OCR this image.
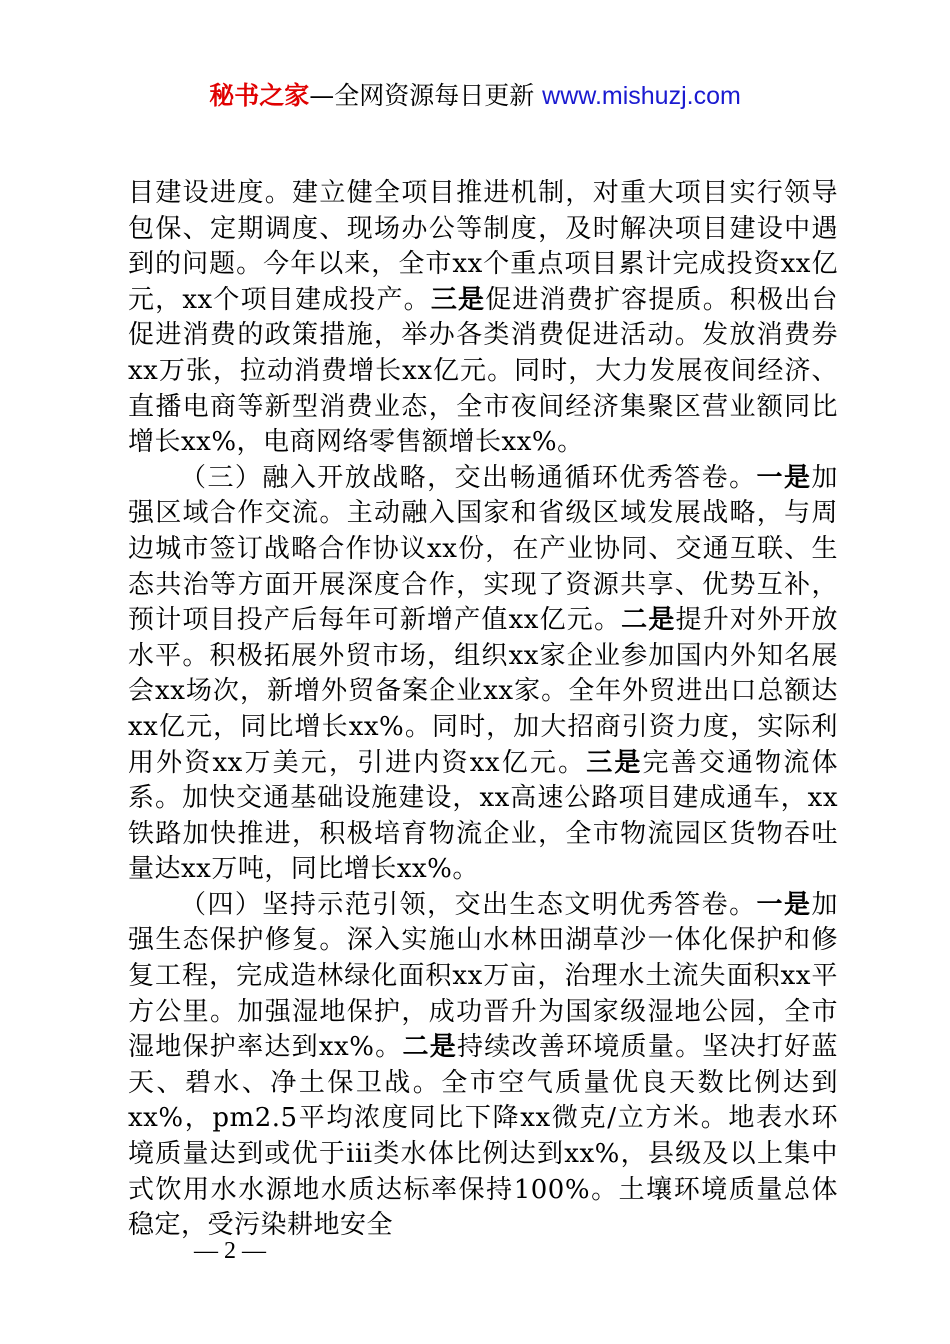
秘书之家—全网资源每日更新 www.mishuzj.com

目建设进度。建立健全项目推进机制，对重大项目实行领导包保、定期调度、现场办公等制度，及时解决项目建设中遇到的问题。今年以来，全市xx个重点项目累计完成投资xx亿元，xx个项目建成投产。三是促进消费扩容提质。积极出台促进消费的政策措施，举办各类消费促进活动。发放消费券xx万张，拉动消费增长xx亿元。同时，大力发展夜间经济、直播电商等新型消费业态，全市夜间经济集聚区营业额同比增长xx%，电商网络零售额增长xx%。

（三）融入开放战略，交出畅通循环优秀答卷。一是加强区域合作交流。主动融入国家和省级区域发展战略，与周边城市签订战略合作协议xx份，在产业协同、交通互联、生态共治等方面开展深度合作，实现了资源共享、优势互补，预计项目投产后每年可新增产值xx亿元。二是提升对外开放水平。积极拓展外贸市场，组织xx家企业参加国内外知名展会xx场次，新增外贸备案企业xx家。全年外贸进出口总额达xx亿元，同比增长xx%。同时，加大招商引资力度，实际利用外资xx万美元，引进内资xx亿元。三是完善交通物流体系。加快交通基础设施建设，xx高速公路项目建成通车，xx铁路加快推进，积极培育物流企业，全市物流园区货物吞吐量达xx万吨，同比增长xx%。

（四）坚持示范引领，交出生态文明优秀答卷。一是加强生态保护修复。深入实施山水林田湖草沙一体化保护和修复工程，完成造林绿化面积xx万亩，治理水土流失面积xx平方公里。加强湿地保护，成功晋升为国家级湿地公园，全市湿地保护率达到xx%。二是持续改善环境质量。坚决打好蓝天、碧水、净土保卫战。全市空气质量优良天数比例达到xx%，pm2.5平均浓度同比下降xx微克/立方米。地表水环境质量达到或优于iii类水体比例达到xx%，县级及以上集中式饮用水水源地水质达标率保持100%。土壤环境质量总体稳定，受污染耕地安全

— 2 —
